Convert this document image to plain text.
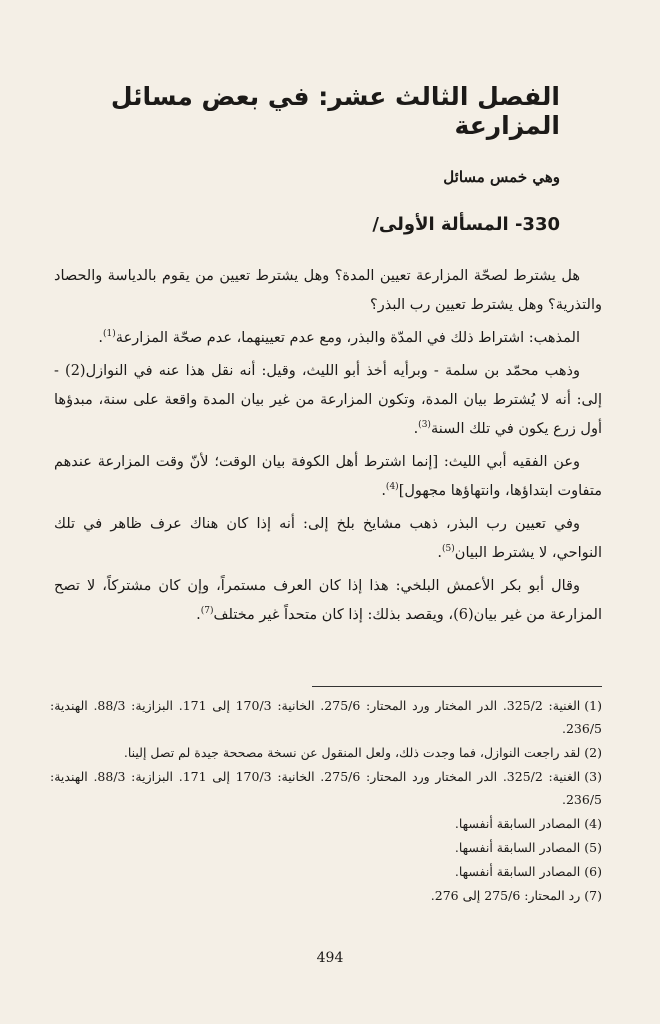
الفصل الثالث عشر: في بعض مسائل المزارعة
وهي خمس مسائل
330- المسألة الأولى/

هل يشترط لصحّة المزارعة تعيين المدة؟ وهل يشترط تعيين من يقوم بالدياسة والحصاد والتذرية؟ وهل يشترط تعيين رب البذر؟

المذهب: اشتراط ذلك في المدّة والبذر، ومع عدم تعيينهما، عدم صحّة المزارعة$^{(1)}$.

وذهب محمّد بن سلمة - وبرأيه أخذ أبو الليث، وقيل: أنه نقل هذا عنه في النوازل(2) - إلى: أنه لا يُشترط بيان المدة، وتكون المزارعة من غير بيان المدة واقعة على سنة، مبدؤها أول زرع يكون في تلك السنة$^{(3)}$.

وعن الفقيه أبي الليث: [إنما اشترط أهل الكوفة بيان الوقت؛ لأنّ وقت المزارعة عندهم متفاوت ابتداؤها، وانتهاؤها مجهول]$^{(4)}$.

وفي تعيين رب البذر، ذهب مشايخ بلخ إلى: أنه إذا كان هناك عرف ظاهر في تلك النواحي، لا يشترط البيان$^{(5)}$.

وقال أبو بكر الأعمش البلخي: هذا إذا كان العرف مستمراً، وإن كان مشتركاً، لا تصح المزارعة من غير بيان(6)، ويقصد بذلك: إذا كان متحداً غير مختلف$^{(7)}$.

(1)الغنية: 325/2. الدر المختار ورد المحتار: 275/6. الخانية: 170/3 إلى 171. البزازية: 88/3. الهندية: 236/5.

(2)لقد راجعت النوازل، فما وجدت ذلك، ولعل المنقول عن نسخة مصححة جيدة لم تصل إلينا.

(3)الغنية: 325/2. الدر المختار ورد المحتار: 275/6. الخانية: 170/3 إلى 171. البزازية: 88/3. الهندية: 236/5.

(4)المصادر السابقة أنفسها.

(5)المصادر السابقة أنفسها.

(6)المصادر السابقة أنفسها.

(7)رد المحتار: 275/6 إلى 276.

494
